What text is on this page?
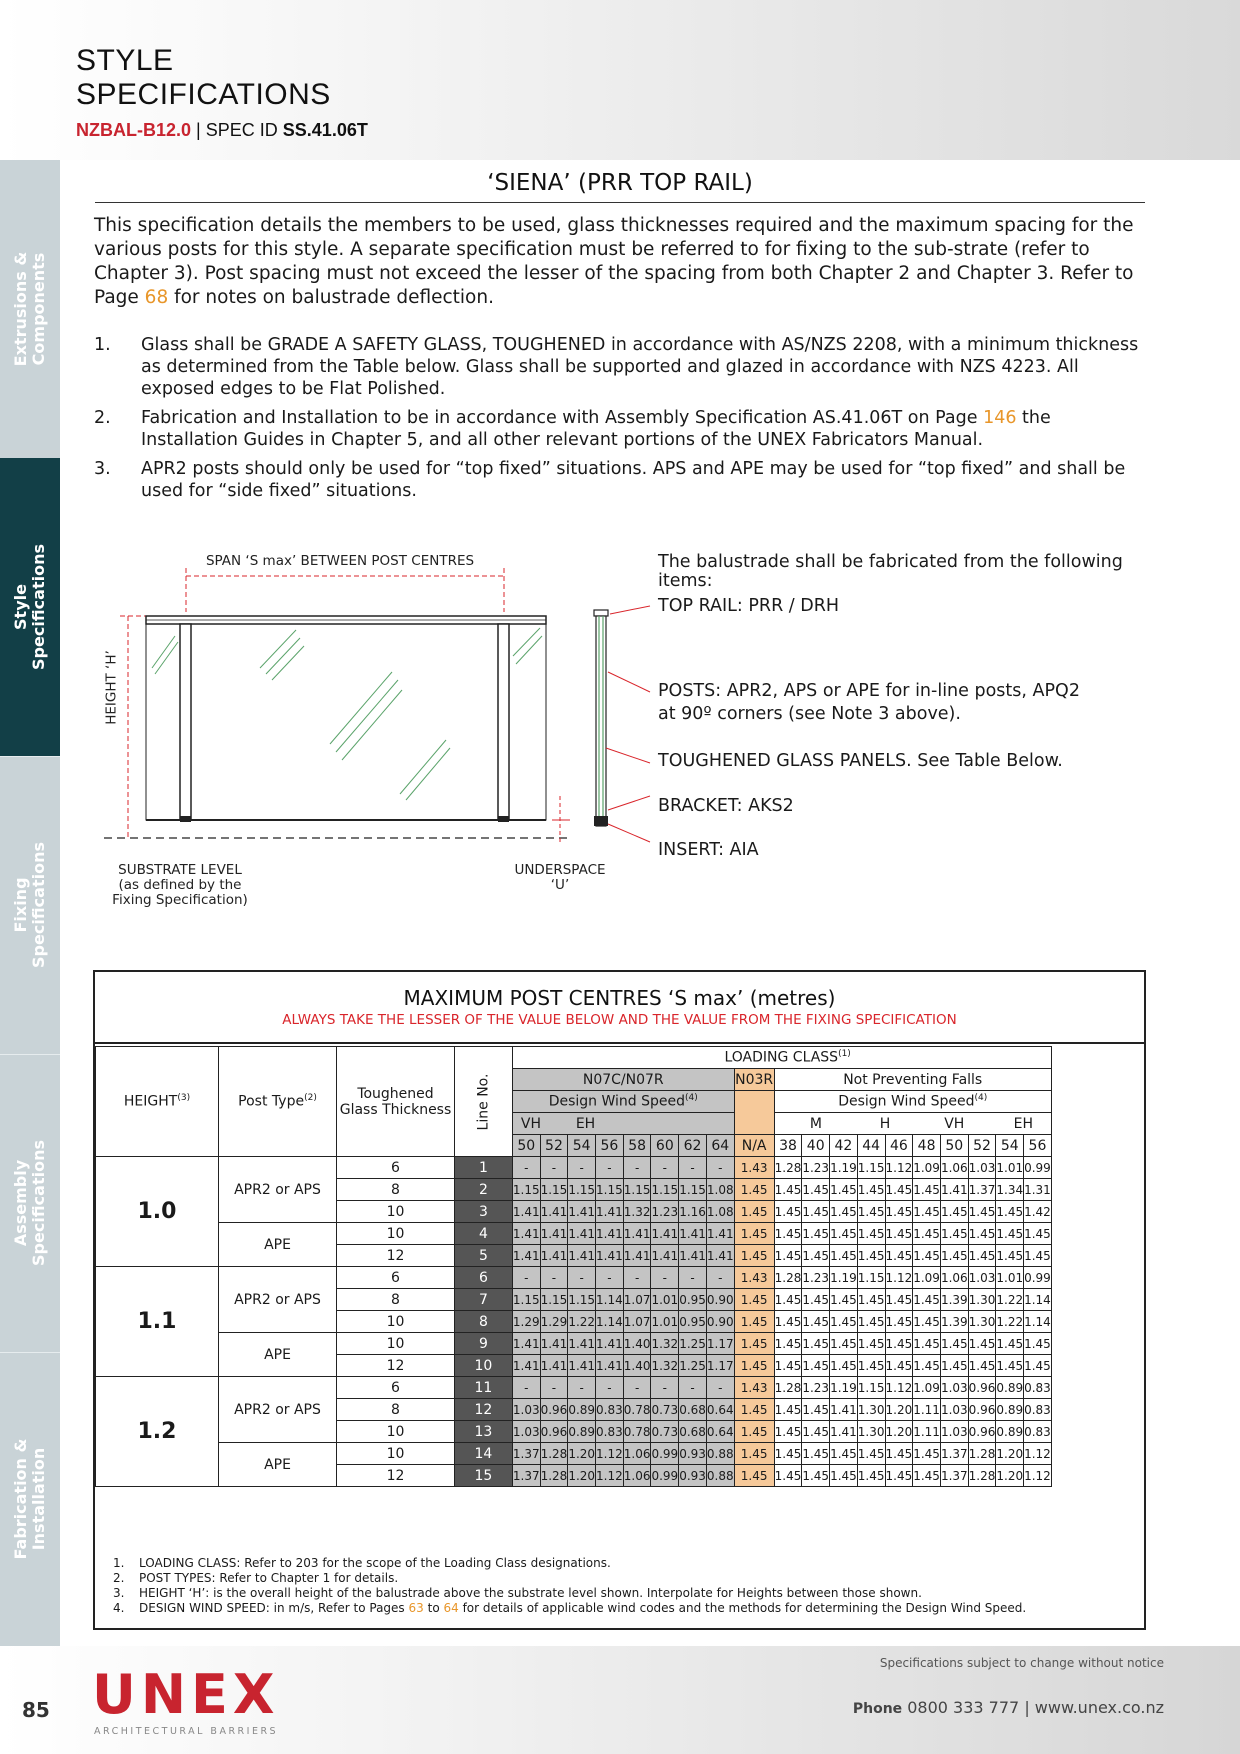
STYLE
SPECIFICATIONS
NZBAL-B12.0 | SPEC ID SS.41.06T
Extrusions & Components
Style Specifications
Fixing Specifications
Assembly Specifications
Fabrication & Installation
‘SIENA’ (PRR TOP RAIL)
This specification details the members to be used, glass thicknesses required and the maximum spacing for the various posts for this style. A separate specification must be referred to for fixing to the sub-strate (refer to Chapter 3). Post spacing must not exceed the lesser of the spacing from both Chapter 2 and Chapter 3. Refer to Page 68 for notes on balustrade deflection.
1. Glass shall be GRADE A SAFETY GLASS, TOUGHENED in accordance with AS/NZS 2208, with a minimum thickness as determined from the Table below. Glass shall be supported and glazed in accordance with NZS 4223. All exposed edges to be Flat Polished.
2. Fabrication and Installation to be in accordance with Assembly Specification AS.41.06T on Page 146 the Installation Guides in Chapter 5, and all other relevant portions of the UNEX Fabricators Manual.
3. APR2 posts should only be used for “top fixed” situations. APS and APE may be used for “top fixed” and shall be used for “side fixed” situations.
SPAN ‘S max’ BETWEEN POST CENTRES
HEIGHT ‘H’
SUBSTRATE LEVEL
(as defined by the
Fixing Specification)
UNDERSPACE
‘U’
The balustrade shall be fabricated from the following items:
TOP RAIL: PRR / DRH
POSTS: APR2, APS or APE for in-line posts, APQ2
at 90º corners (see Note 3 above).
TOUGHENED GLASS PANELS. See Table Below.
BRACKET: AKS2
INSERT: AIA
MAXIMUM POST CENTRES ‘S max’ (metres)
ALWAYS TAKE THE LESSER OF THE VALUE BELOW AND THE VALUE FROM THE FIXING SPECIFICATION
HEIGHT$^{(3)}$	Post Type$^{(2)}$	Toughened Glass Thickness	Line No.	LOADING CLASS$^{(1)}$
				N07C/N07R								N03R	Not Preventing Falls									
				Design Wind Speed$^{(4)}$									Design Wind Speed$^{(4)}$
				VH		EH							M			H		VH			EH	
				50	52	54	56	58	60	62	64	N/A	38	40	42	44	46	48	50	52	54	56
1.0	APR2 or APS	6	1	-	-	-	-	-	-	-	-	1.43	1.28	1.23	1.19	1.15	1.12	1.09	1.06	1.03	1.01	0.99
		8	2	1.15	1.15	1.15	1.15	1.15	1.15	1.15	1.08	1.45	1.45	1.45	1.45	1.45	1.45	1.45	1.41	1.37	1.34	1.31
		10	3	1.41	1.41	1.41	1.41	1.32	1.23	1.16	1.08	1.45	1.45	1.45	1.45	1.45	1.45	1.45	1.45	1.45	1.45	1.42
	APE	10	4	1.41	1.41	1.41	1.41	1.41	1.41	1.41	1.41	1.45	1.45	1.45	1.45	1.45	1.45	1.45	1.45	1.45	1.45	1.45
		12	5	1.41	1.41	1.41	1.41	1.41	1.41	1.41	1.41	1.45	1.45	1.45	1.45	1.45	1.45	1.45	1.45	1.45	1.45	1.45
1.1	APR2 or APS	6	6	-	-	-	-	-	-	-	-	1.43	1.28	1.23	1.19	1.15	1.12	1.09	1.06	1.03	1.01	0.99
		8	7	1.15	1.15	1.15	1.14	1.07	1.01	0.95	0.90	1.45	1.45	1.45	1.45	1.45	1.45	1.45	1.39	1.30	1.22	1.14
		10	8	1.29	1.29	1.22	1.14	1.07	1.01	0.95	0.90	1.45	1.45	1.45	1.45	1.45	1.45	1.45	1.39	1.30	1.22	1.14
	APE	10	9	1.41	1.41	1.41	1.41	1.40	1.32	1.25	1.17	1.45	1.45	1.45	1.45	1.45	1.45	1.45	1.45	1.45	1.45	1.45
		12	10	1.41	1.41	1.41	1.41	1.40	1.32	1.25	1.17	1.45	1.45	1.45	1.45	1.45	1.45	1.45	1.45	1.45	1.45	1.45
1.2	APR2 or APS	6	11	-	-	-	-	-	-	-	-	1.43	1.28	1.23	1.19	1.15	1.12	1.09	1.03	0.96	0.89	0.83
		8	12	1.03	0.96	0.89	0.83	0.78	0.73	0.68	0.64	1.45	1.45	1.45	1.41	1.30	1.20	1.11	1.03	0.96	0.89	0.83
		10	13	1.03	0.96	0.89	0.83	0.78	0.73	0.68	0.64	1.45	1.45	1.45	1.41	1.30	1.20	1.11	1.03	0.96	0.89	0.83
	APE	10	14	1.37	1.28	1.20	1.12	1.06	0.99	0.93	0.88	1.45	1.45	1.45	1.45	1.45	1.45	1.45	1.37	1.28	1.20	1.12
		12	15	1.37	1.28	1.20	1.12	1.06	0.99	0.93	0.88	1.45	1.45	1.45	1.45	1.45	1.45	1.45	1.37	1.28	1.20	1.12
1. LOADING CLASS: Refer to 203 for the scope of the Loading Class designations.
2. POST TYPES: Refer to Chapter 1 for details.
3. HEIGHT ‘H’: is the overall height of the balustrade above the substrate level shown. Interpolate for Heights between those shown.
4. DESIGN WIND SPEED: in m/s, Refer to Pages 63 to 64 for details of applicable wind codes and the methods for determining the Design Wind Speed.
85 UNEX
ARCHITECTURAL BARRIERS
Specifications subject to change without notice
Phone 0800 333 777 | www.unex.co.nz
